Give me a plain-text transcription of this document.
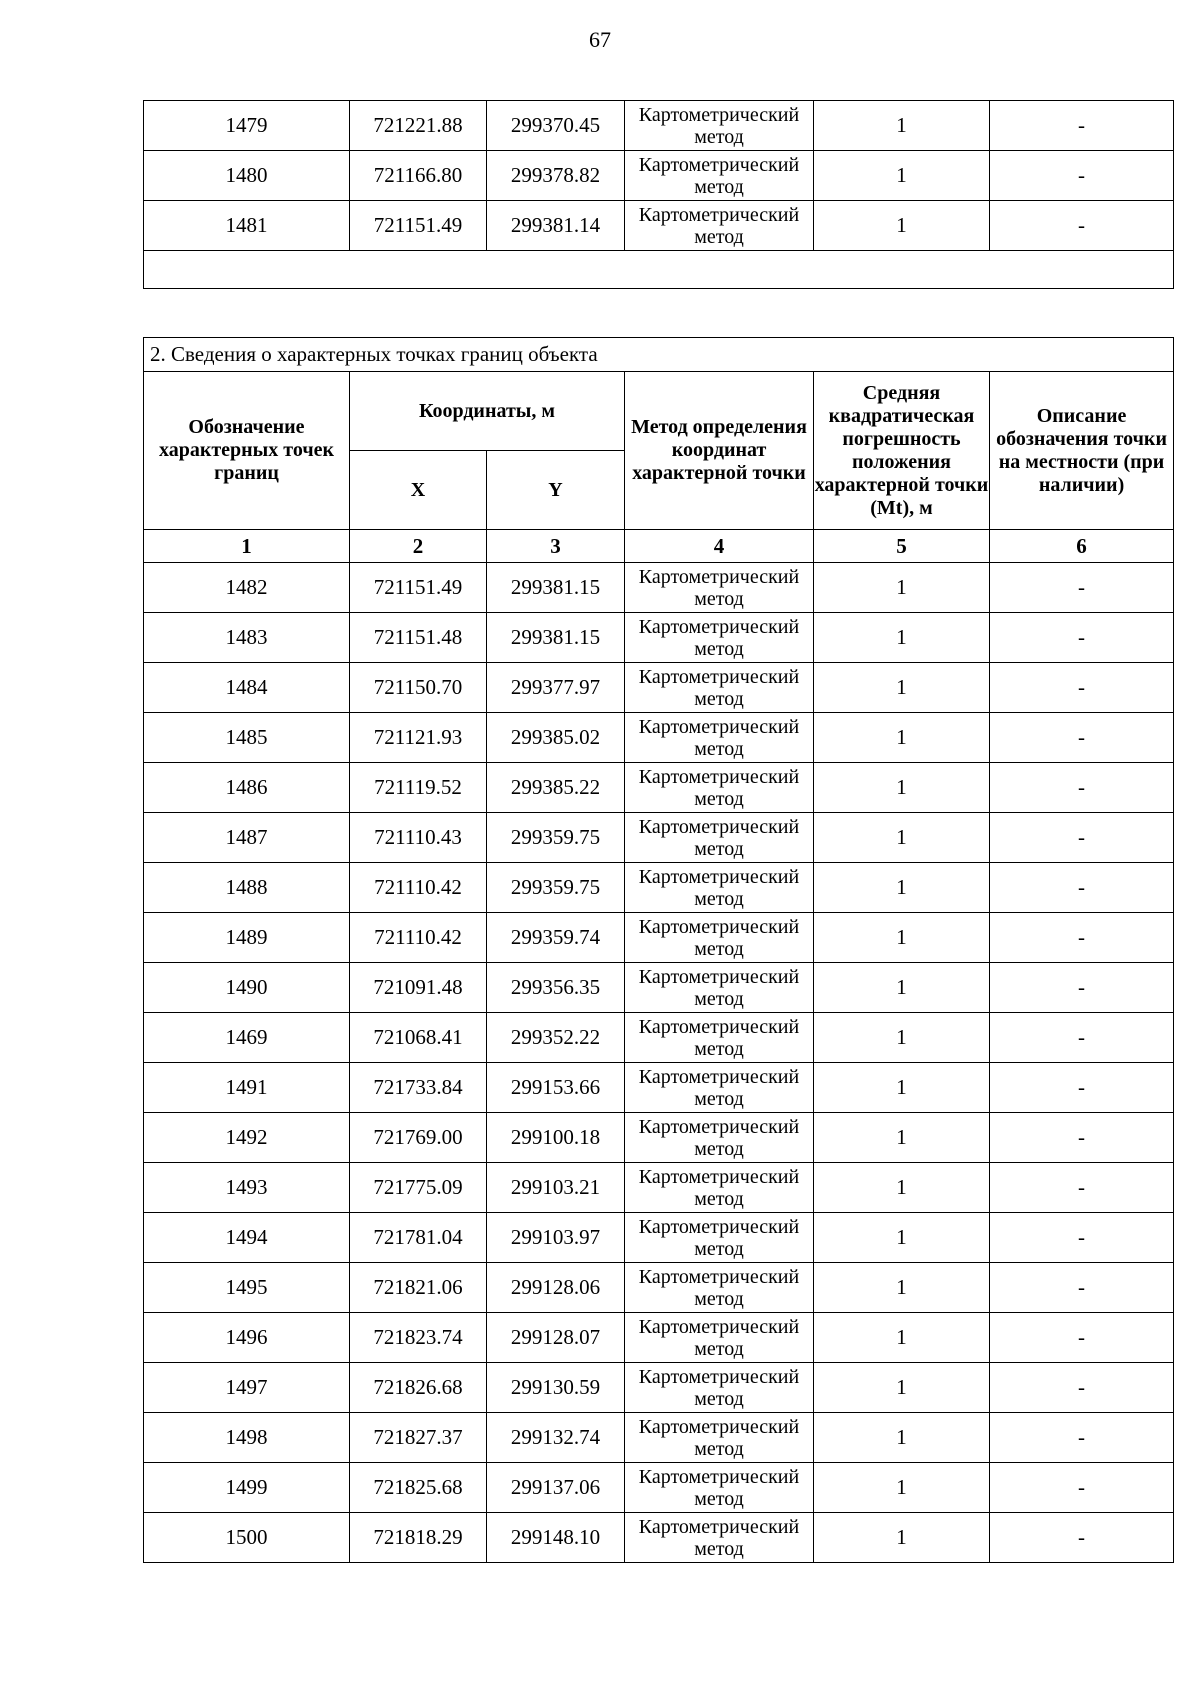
67
1479	721221.88	299370.45	Картометрический метод	1	-
1480	721166.80	299378.82	Картометрический метод	1	-
1481	721151.49	299381.14	Картометрический метод	1	-

2. Сведения о характерных точках границ объекта					
Обозначение характерных точек границ	Координаты, м		Метод определения координат характерной точки	Средняя квадратическая погрешность положения характерной точки (Mt), м	Описание обозначения точки на местности (при наличии)
	X	Y			
1	2	3	4	5	6
1482	721151.49	299381.15	Картометрический метод	1	-
1483	721151.48	299381.15	Картометрический метод	1	-
1484	721150.70	299377.97	Картометрический метод	1	-
1485	721121.93	299385.02	Картометрический метод	1	-
1486	721119.52	299385.22	Картометрический метод	1	-
1487	721110.43	299359.75	Картометрический метод	1	-
1488	721110.42	299359.75	Картометрический метод	1	-
1489	721110.42	299359.74	Картометрический метод	1	-
1490	721091.48	299356.35	Картометрический метод	1	-
1469	721068.41	299352.22	Картометрический метод	1	-
1491	721733.84	299153.66	Картометрический метод	1	-
1492	721769.00	299100.18	Картометрический метод	1	-
1493	721775.09	299103.21	Картометрический метод	1	-
1494	721781.04	299103.97	Картометрический метод	1	-
1495	721821.06	299128.06	Картометрический метод	1	-
1496	721823.74	299128.07	Картометрический метод	1	-
1497	721826.68	299130.59	Картометрический метод	1	-
1498	721827.37	299132.74	Картометрический метод	1	-
1499	721825.68	299137.06	Картометрический метод	1	-
1500	721818.29	299148.10	Картометрический метод	1	-
